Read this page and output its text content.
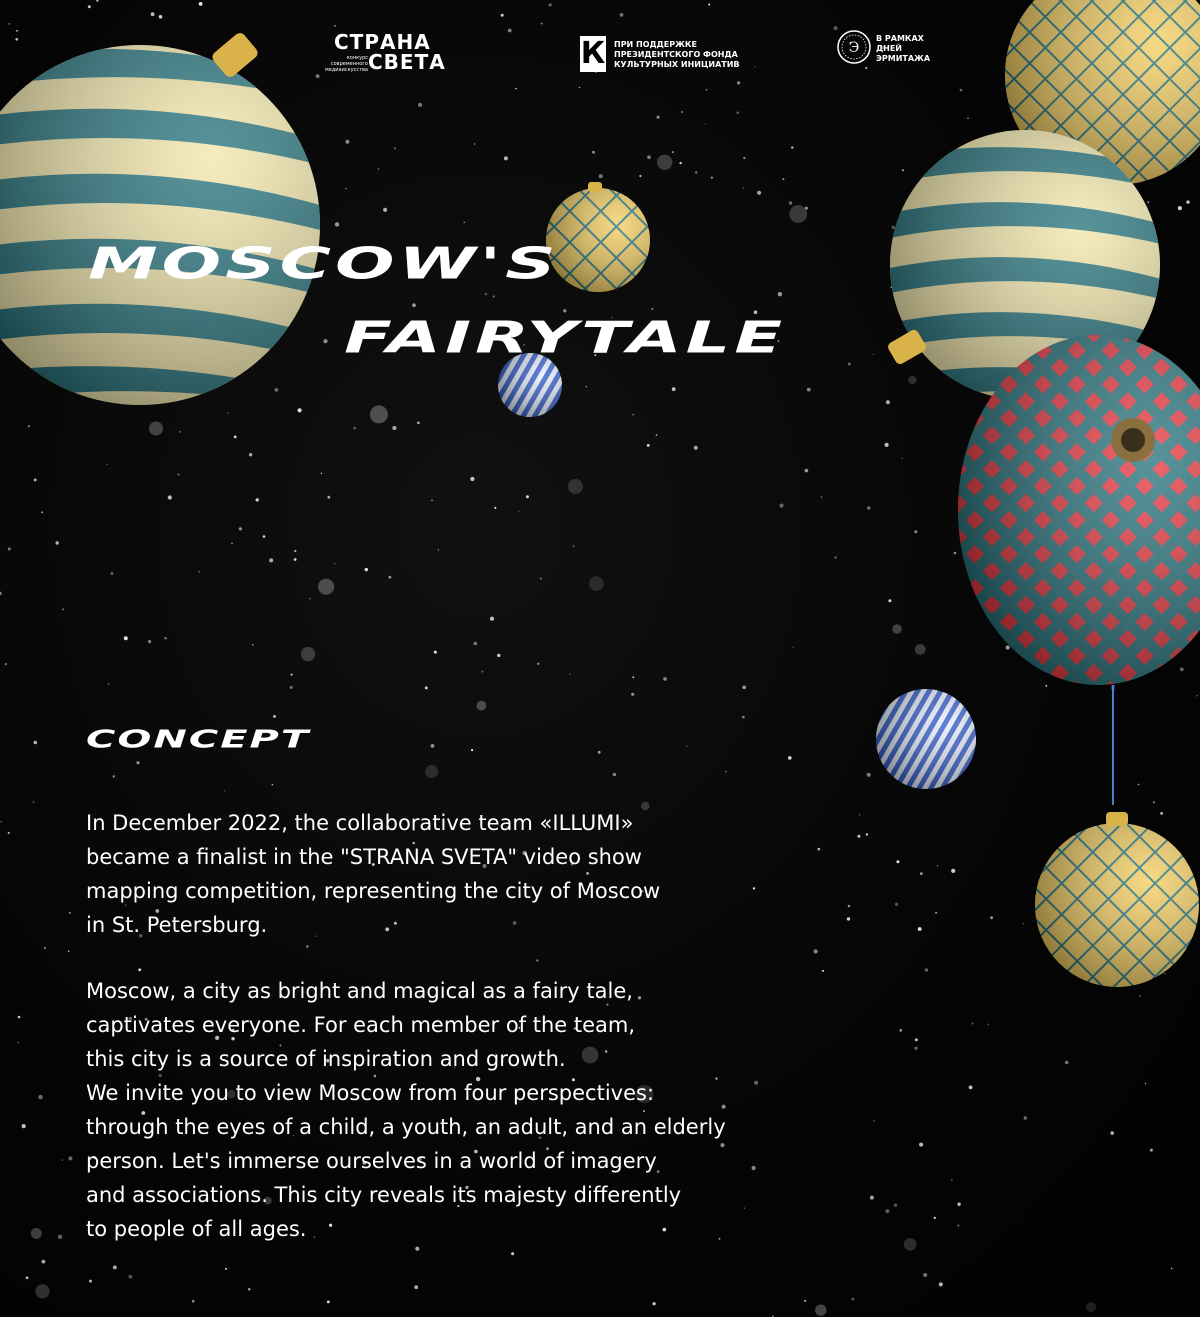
СТРАНА
СВЕТА
конкурс современного медиаискусства	К ПРИ ПОДДЕРЖКЕ
ПРЕЗИДЕНТСКОГО ФОНДА
КУЛЬТУРНЫХ ИНИЦИАТИВ
Э
В РАМКАХ
ДНЕЙ
ЭРМИТАЖА
MOSCOW'S
FAIRYTALE
CONCEPT
In December 2022, the collaborative team «ILLUMI»
became a finalist in the "STRANA SVETA" video show
mapping competition, representing the city of Moscow
in St. Petersburg.
Moscow, a city as bright and magical as a fairy tale,
captivates everyone. For each member of the team,
this city is a source of inspiration and growth.
We invite you to view Moscow from four perspectives:
through the eyes of a child, a youth, an adult, and an elderly
person. Let's immerse ourselves in a world of imagery
and associations. This city reveals its majesty differently
to people of all ages.
